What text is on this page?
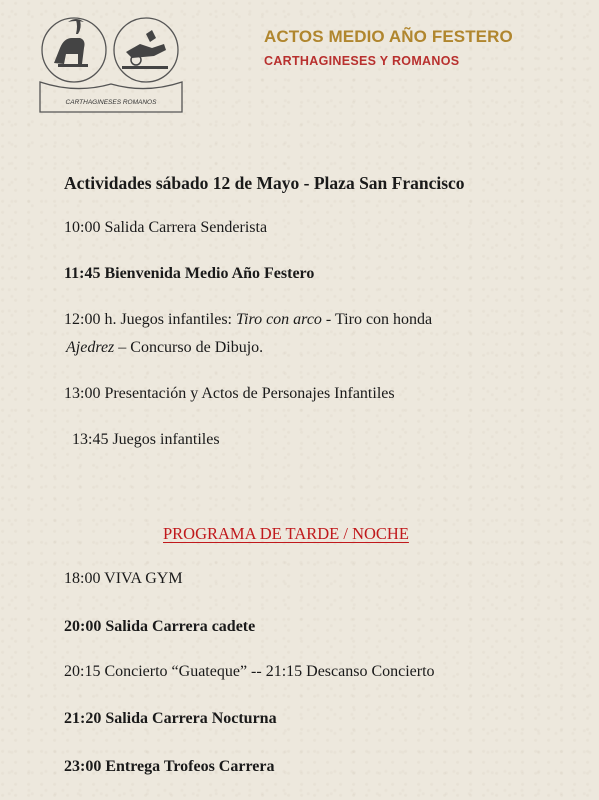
CARTHAGINESES ROMANOS
ACTOS MEDIO AÑO FESTERO
CARTHAGINESES Y ROMANOS
Actividades sábado 12 de Mayo - Plaza San Francisco
10:00 Salida Carrera Senderista
11:45 Bienvenida Medio Año Festero
12:00 h. Juegos infantiles: Tiro con arco - Tiro con honda
Ajedrez – Concurso de Dibujo.
13:00 Presentación y Actos de Personajes Infantiles
13:45 Juegos infantiles
PROGRAMA DE TARDE / NOCHE
18:00 VIVA GYM
20:00 Salida Carrera cadete
20:15 Concierto “Guateque” -- 21:15 Descanso Concierto
21:20 Salida Carrera Nocturna
23:00 Entrega Trofeos Carrera
